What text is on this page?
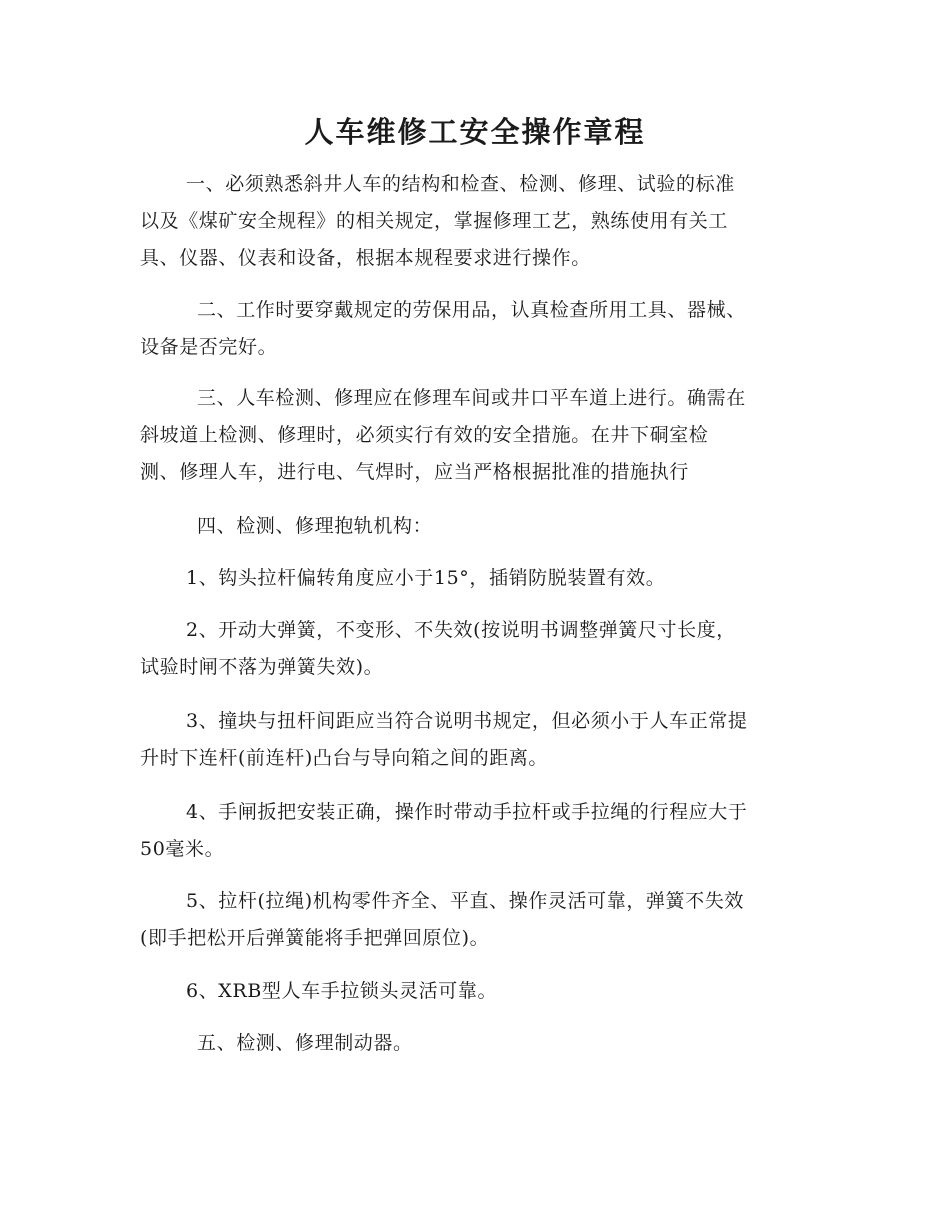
人车维修工安全操作章程

一、必须熟悉斜井人车的结构和检查、检测、修理、试验的标准
以及《煤矿安全规程》的相关规定，掌握修理工艺，熟练使用有关工
具、仪器、仪表和设备，根据本规程要求进行操作。

二、工作时要穿戴规定的劳保用品，认真检查所用工具、器械、
设备是否完好。

三、人车检测、修理应在修理车间或井口平车道上进行。确需在
斜坡道上检测、修理时，必须实行有效的安全措施。在井下硐室检
测、修理人车，进行电、气焊时，应当严格根据批准的措施执行

四、检测、修理抱轨机构：

1、钩头拉杆偏转角度应小于15°，插销防脱装置有效。

2、开动大弹簧，不变形、不失效(按说明书调整弹簧尺寸长度，
试验时闸不落为弹簧失效)。

3、撞块与扭杆间距应当符合说明书规定，但必须小于人车正常提
升时下连杆(前连杆)凸台与导向箱之间的距离。

4、手闸扳把安装正确，操作时带动手拉杆或手拉绳的行程应大于
50毫米。

5、拉杆(拉绳)机构零件齐全、平直、操作灵活可靠，弹簧不失效
(即手把松开后弹簧能将手把弹回原位)。

6、XRB型人车手拉锁头灵活可靠。

五、检测、修理制动器。
